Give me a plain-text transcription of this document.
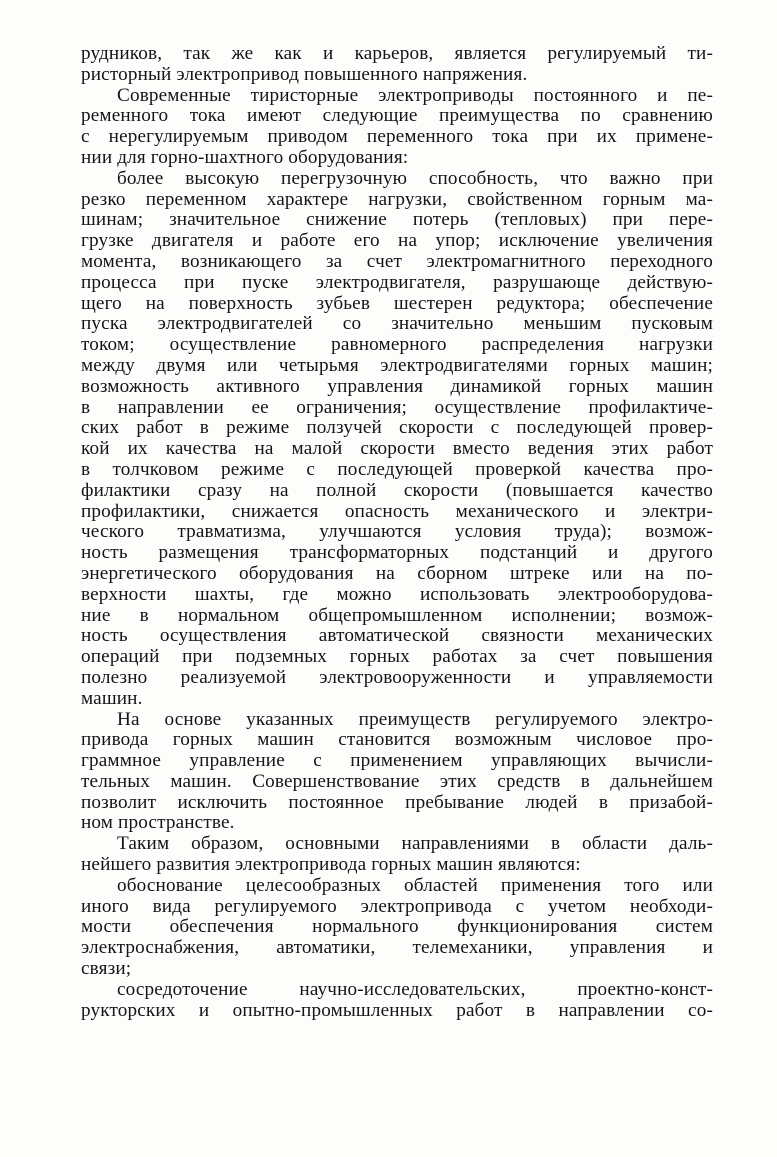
рудников, так же как и карьеров, является регулируемый ти-
ристорный электропривод повышенного напряжения.
Современные тиристорные электроприводы постоянного и пе-
ременного тока имеют следующие преимущества по сравнению
с нерегулируемым приводом переменного тока при их примене-
нии для горно-шахтного оборудования:
более высокую перегрузочную способность, что важно при
резко переменном характере нагрузки, свойственном горным ма-
шинам; значительное снижение потерь (тепловых) при пере-
грузке двигателя и работе его на упор; исключение увеличения
момента, возникающего за счет электромагнитного переходного
процесса при пуске электродвигателя, разрушающе действую-
щего на поверхность зубьев шестерен редуктора; обеспечение
пуска электродвигателей со значительно меньшим пусковым
током; осуществление равномерного распределения нагрузки
между двумя или четырьмя электродвигателями горных машин;
возможность активного управления динамикой горных машин
в направлении ее ограничения; осуществление профилактиче-
ских работ в режиме ползучей скорости с последующей провер-
кой их качества на малой скорости вместо ведения этих работ
в толчковом режиме с последующей проверкой качества про-
филактики сразу на полной скорости (повышается качество
профилактики, снижается опасность механического и электри-
ческого травматизма, улучшаются условия труда); возмож-
ность размещения трансформаторных подстанций и другого
энергетического оборудования на сборном штреке или на по-
верхности шахты, где можно использовать электрооборудова-
ние в нормальном общепромышленном исполнении; возмож-
ность осуществления автоматической связности механических
операций при подземных горных работах за счет повышения
полезно реализуемой электровооруженности и управляемости
машин.
На основе указанных преимуществ регулируемого электро-
привода горных машин становится возможным числовое про-
граммное управление с применением управляющих вычисли-
тельных машин. Совершенствование этих средств в дальнейшем
позволит исключить постоянное пребывание людей в призабой-
ном пространстве.
Таким образом, основными направлениями в области даль-
нейшего развития электропривода горных машин являются:
обоснование целесообразных областей применения того или
иного вида регулируемого электропривода с учетом необходи-
мости обеспечения нормального функционирования систем
электроснабжения, автоматики, телемеханики, управления и
связи;
сосредоточение научно-исследовательских, проектно-конст-
рукторских и опытно-промышленных работ в направлении со-
